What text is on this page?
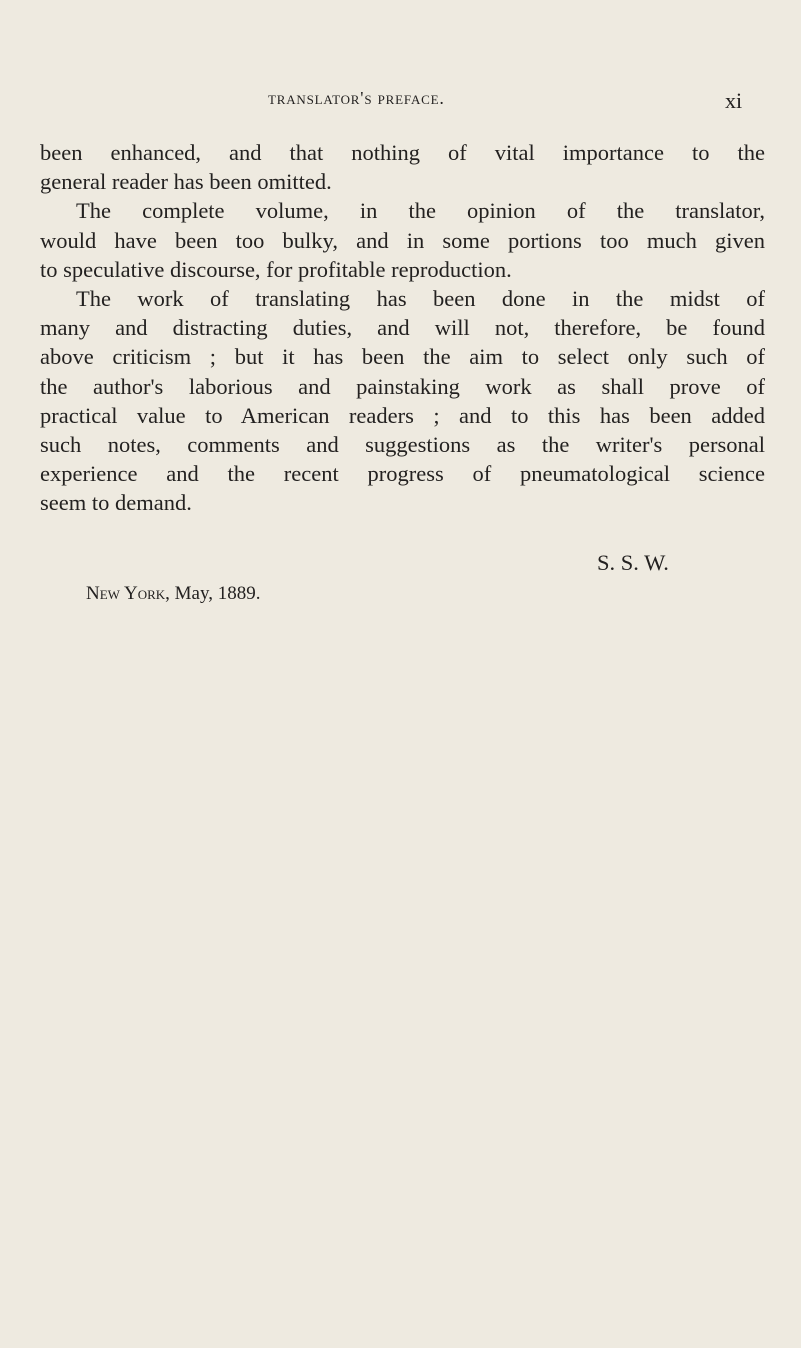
translator's preface.	xi
been enhanced, and that nothing of vital importance to the
general reader has been omitted.
The complete volume, in the opinion of the translator,
would have been too bulky, and in some portions too much given
to speculative discourse, for profitable reproduction.
The work of translating has been done in the midst of
many and distracting duties, and will not, therefore, be found
above criticism ; but it has been the aim to select only such of
the author's laborious and painstaking work as shall prove of
practical value to American readers ; and to this has been added
such notes, comments and suggestions as the writer's personal
experience and the recent progress of pneumatological science
seem to demand.
S. S. W.
New York, May, 1889.
